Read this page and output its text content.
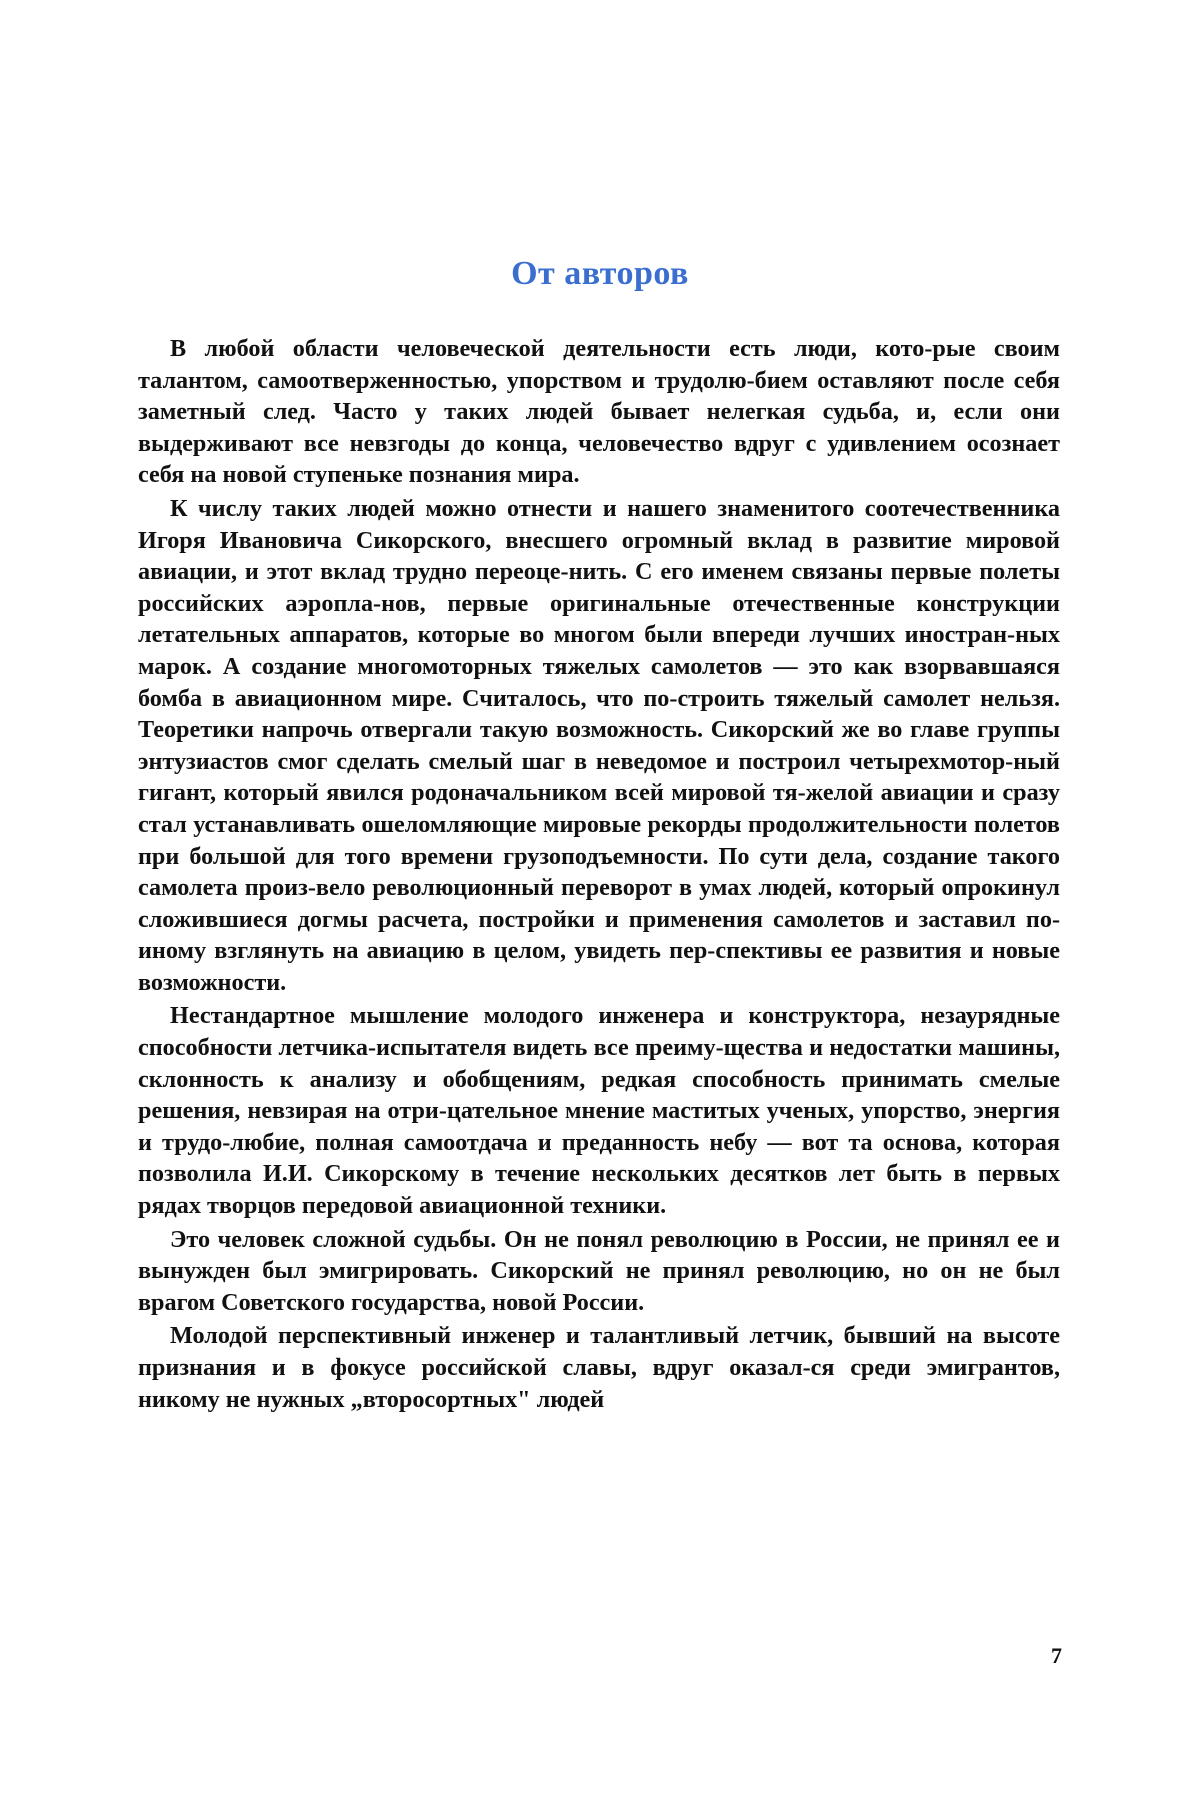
От авторов

В любой области человеческой деятельности есть люди, кото-рые своим талантом, самоотверженностью, упорством и трудолю-бием оставляют после себя заметный след. Часто у таких людей бывает нелегкая судьба, и, если они выдерживают все невзгоды до конца, человечество вдруг с удивлением осознает себя на новой ступеньке познания мира.

К числу таких людей можно отнести и нашего знаменитого соотечественника Игоря Ивановича Сикорского, внесшего огромный вклад в развитие мировой авиации, и этот вклад трудно переоце-нить. С его именем связаны первые полеты российских аэропла-нов, первые оригинальные отечественные конструкции летательных аппаратов, которые во многом были впереди лучших иностран-ных марок. А создание многомоторных тяжелых самолетов — это как взорвавшаяся бомба в авиационном мире. Считалось, что по-строить тяжелый самолет нельзя. Теоретики напрочь отвергали такую возможность. Сикорский же во главе группы энтузиастов смог сделать смелый шаг в неведомое и построил четырехмотор-ный гигант, который явился родоначальником всей мировой тя-желой авиации и сразу стал устанавливать ошеломляющие мировые рекорды продолжительности полетов при большой для того времени грузоподъемности. По сути дела, создание такого самолета произ-вело революционный переворот в умах людей, который опрокинул сложившиеся догмы расчета, постройки и применения самолетов и заставил по-иному взглянуть на авиацию в целом, увидеть пер-спективы ее развития и новые возможности.

Нестандартное мышление молодого инженера и конструктора, незаурядные способности летчика-испытателя видеть все преиму-щества и недостатки машины, склонность к анализу и обобщениям, редкая способность принимать смелые решения, невзирая на отри-цательное мнение маститых ученых, упорство, энергия и трудо-любие, полная самоотдача и преданность небу — вот та основа, которая позволила И.И. Сикорскому в течение нескольких десятков лет быть в первых рядах творцов передовой авиационной техники.

Это человек сложной судьбы. Он не понял революцию в России, не принял ее и вынужден был эмигрировать. Сикорский не принял революцию, но он не был врагом Советского государства, новой России.

Молодой перспективный инженер и талантливый летчик, бывший на высоте признания и в фокусе российской славы, вдруг оказал-ся среди эмигрантов, никому не нужных „второсортных" людей

7
